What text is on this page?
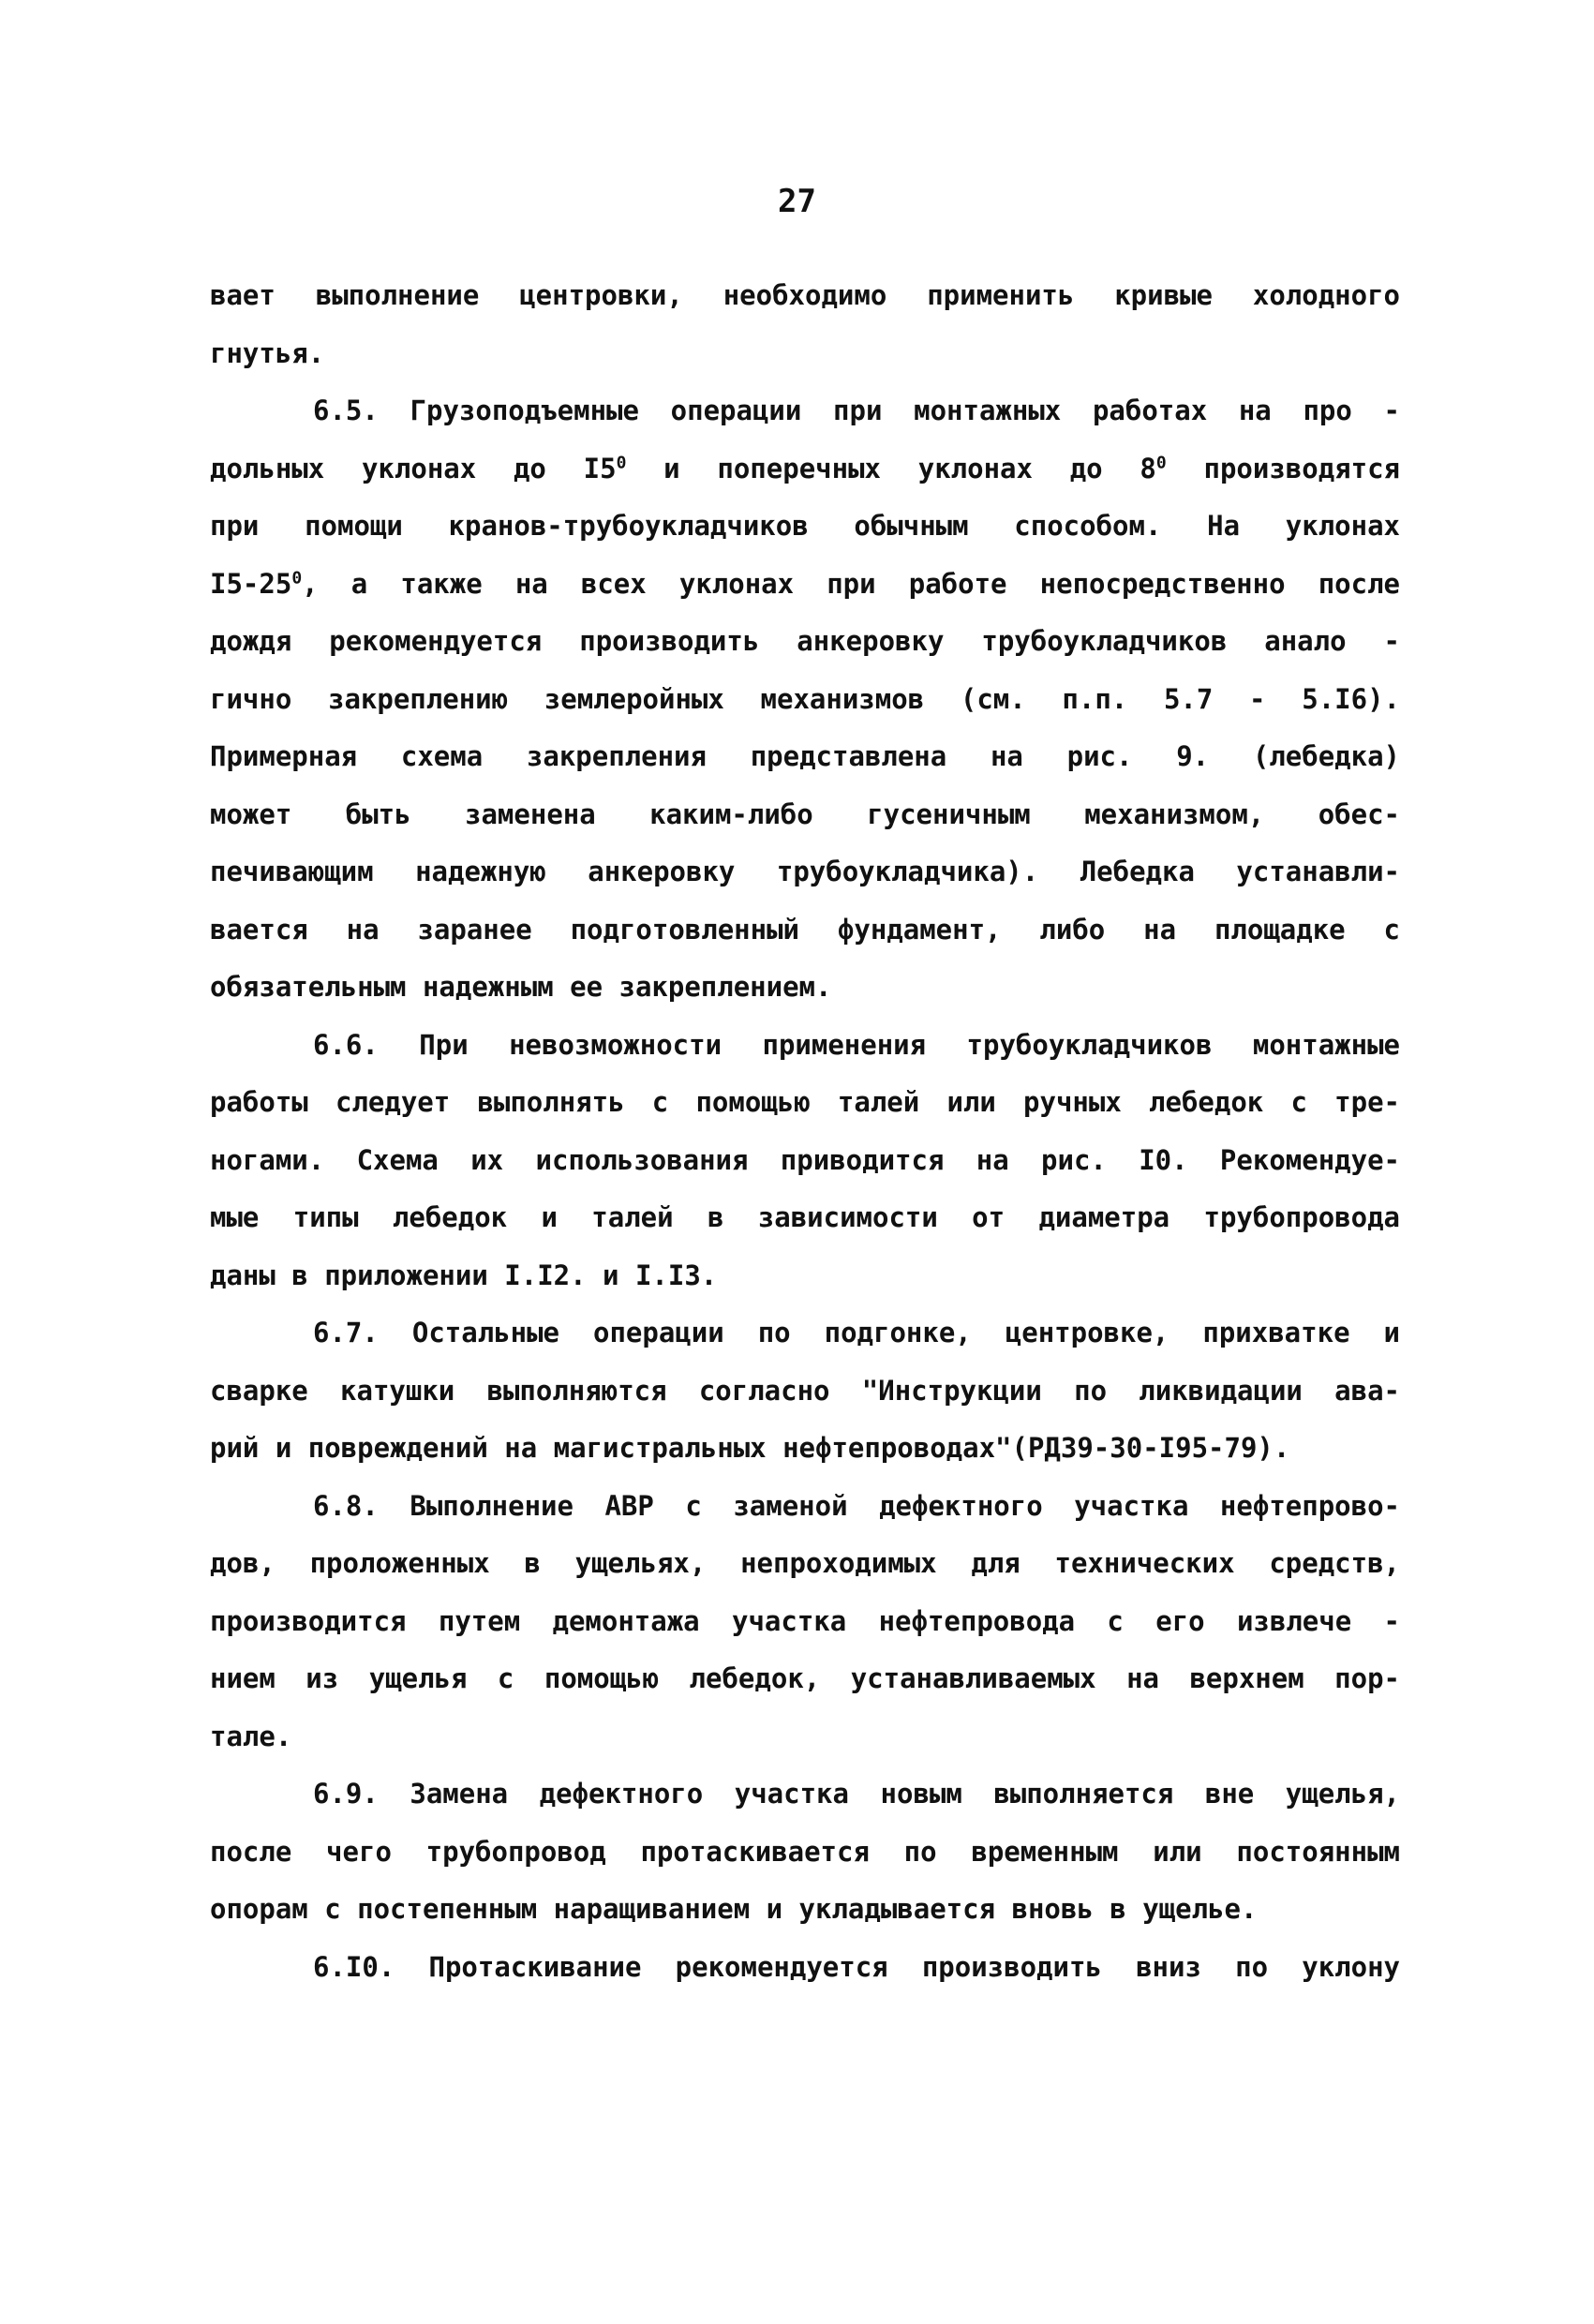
27
вает выполнение центровки, необходимо применить кривые холодного
гнутья.
6.5. Грузоподъемные операции при монтажных работах на про -
дольных уклонах до $I5^0$ и поперечных уклонах до $8^0$ производятся
при помощи кранов-трубоукладчиков обычным способом. На уклонах
$I5-25^0$, а также на всех уклонах при работе непосредственно после
дождя рекомендуется производить анкеровку трубоукладчиков анало -
гично закреплению землеройных механизмов (см. п.п. 5.7 - 5.I6).
Примерная схема закрепления представлена на рис. 9. (лебедка)
может быть заменена каким-либо гусеничным механизмом, обес-
печивающим надежную анкеровку трубоукладчика). Лебедка устанавли-
вается на заранее подготовленный фундамент, либо на площадке с
обязательным надежным ее закреплением.
6.6. При невозможности применения трубоукладчиков монтажные
работы следует выполнять с помощью талей или ручных лебедок с тре-
ногами. Схема их использования приводится на рис. I0. Рекомендуе-
мые типы лебедок и талей в зависимости от диаметра трубопровода
даны в приложении I.I2. и I.I3.
6.7. Остальные операции по подгонке, центровке, прихватке и
сварке катушки выполняются согласно "Инструкции по ликвидации ава-
рий и повреждений на магистральных нефтепроводах"(РД39-30-I95-79).
6.8. Выполнение АВР с заменой дефектного участка нефтепрово-
дов, проложенных в ущельях, непроходимых для технических средств,
производится путем демонтажа участка нефтепровода с его извлече -
нием из ущелья с помощью лебедок, устанавливаемых на верхнем пор-
тале.
6.9. Замена дефектного участка новым выполняется вне ущелья,
после чего трубопровод протаскивается по временным или постоянным
опорам с постепенным наращиванием и укладывается вновь в ущелье.
6.I0. Протаскивание рекомендуется производить вниз по уклону
